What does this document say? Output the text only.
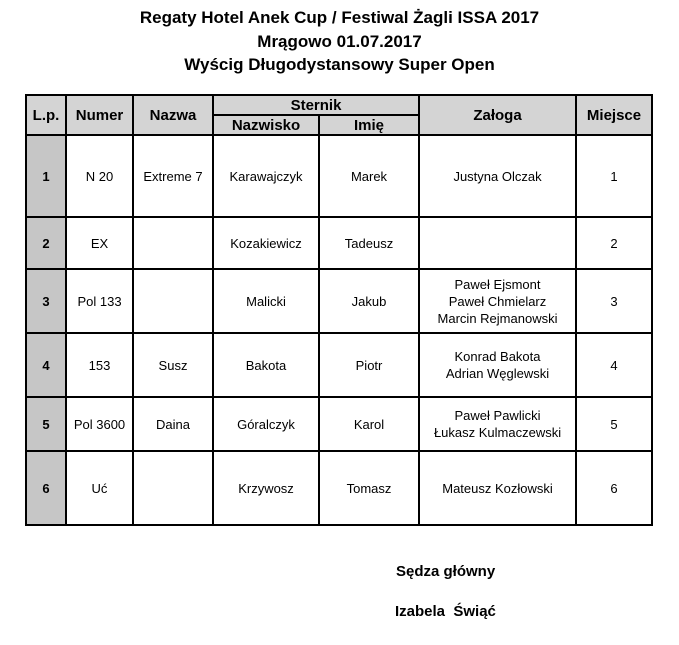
Regaty Hotel Anek Cup / Festiwal Żagli ISSA 2017
Mrągowo 01.07.2017
Wyścig Długodystansowy Super Open
L.p.	Numer	Nazwa	Sternik		Załoga	Miejsce
			Nazwisko	Imię		
1	N 20	Extreme 7	Karawajczyk	Marek	Justyna Olczak	1
2	EX		Kozakiewicz	Tadeusz		2
3	Pol 133		Malicki	Jakub	Paweł Ejsmont
Paweł Chmielarz
Marcin Rejmanowski	3
4	153	Susz	Bakota	Piotr	Konrad Bakota
Adrian Węglewski	4
5	Pol 3600	Daina	Góralczyk	Karol	Paweł Pawlicki
Łukasz Kulmaczewski	5
6	Uć		Krzywosz	Tomasz	Mateusz Kozłowski	6
Sędza główny
Izabela  Świąć
